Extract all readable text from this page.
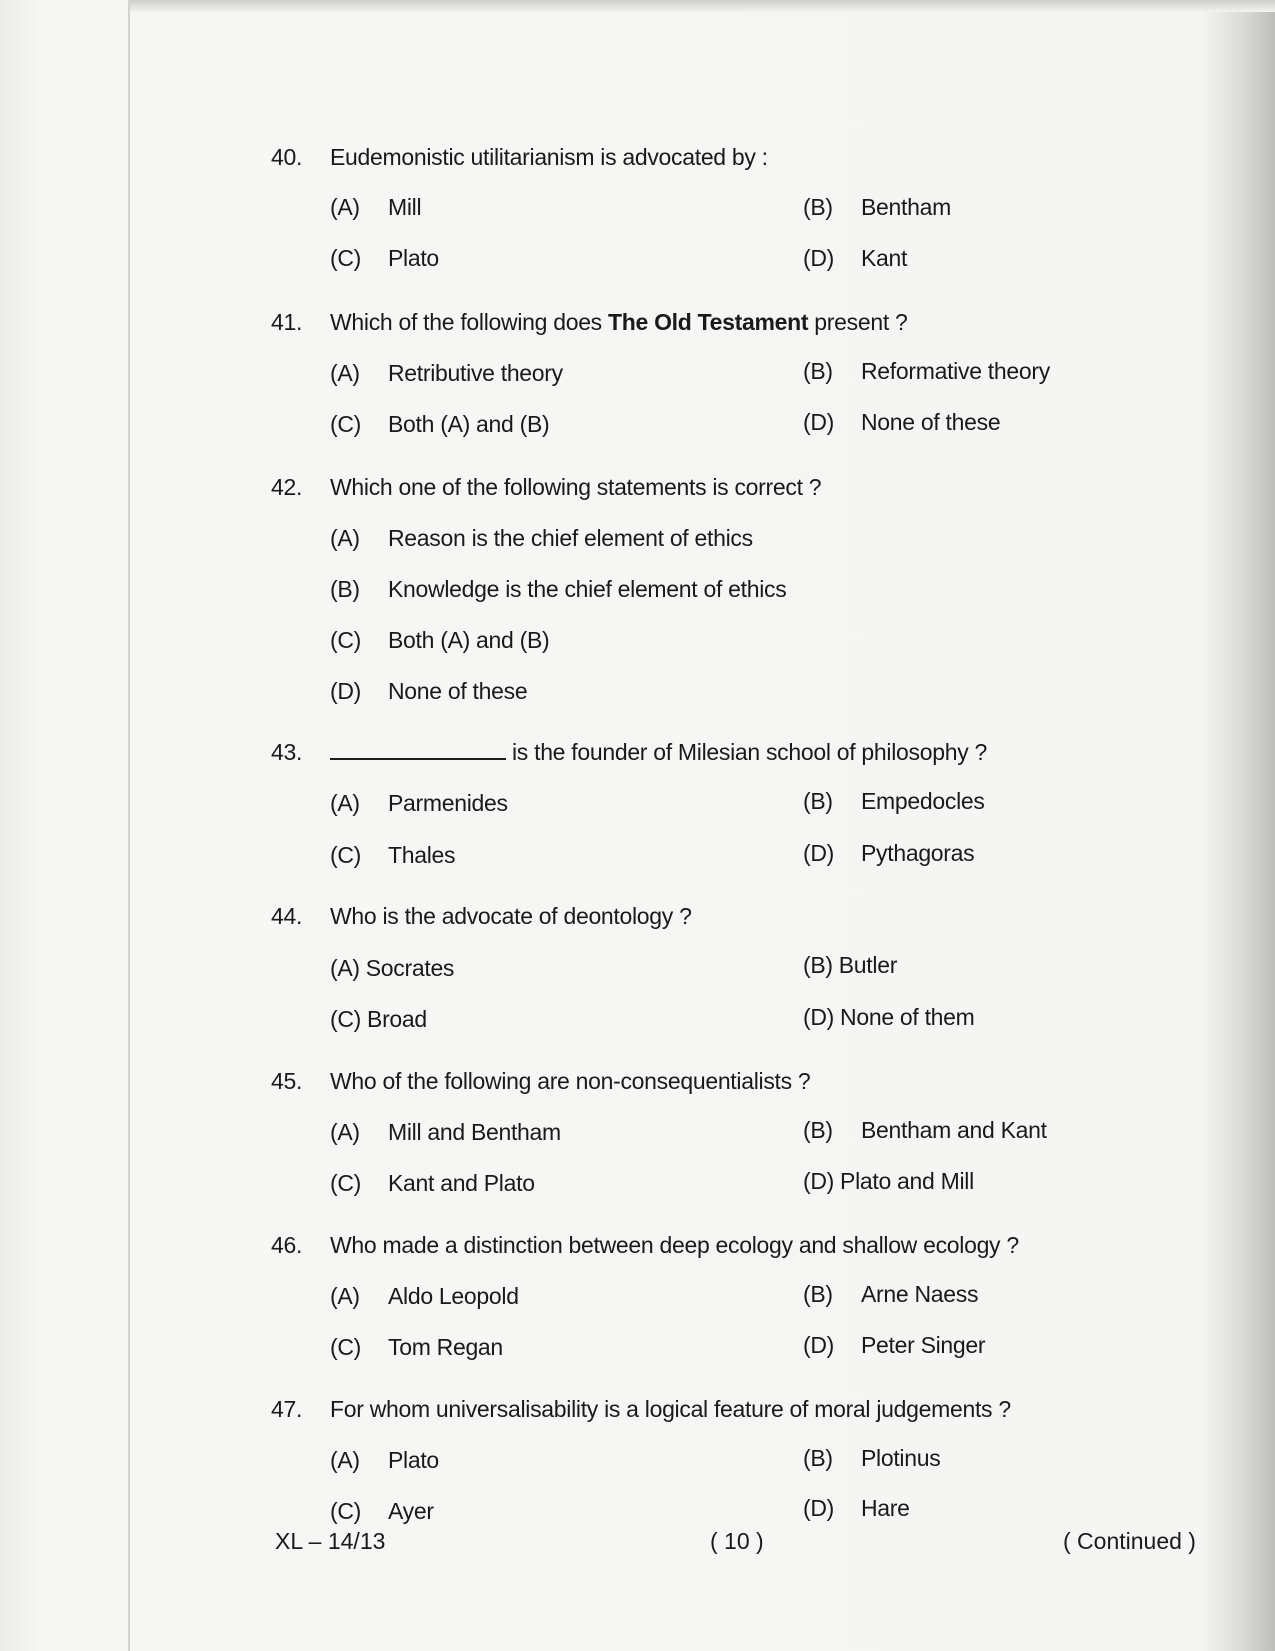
40. Eudemonistic utilitarianism is advocated by :
(A) Mill	(B) Bentham
(C) Plato	(D) Kant
41. Which of the following does The Old Testament present ?
(A) Retributive theory	(B) Reformative theory
(C) Both (A) and (B)	(D) None of these
42. Which one of the following statements is correct ?
(A) Reason is the chief element of ethics
(B) Knowledge is the chief element of ethics
(C) Both (A) and (B)
(D) None of these
43.	is the founder of Milesian school of philosophy ?
(A) Parmenides	(B) Empedocles
(C) Thales	(D) Pythagoras
44. Who is the advocate of deontology ?
(A) Socrates	(B) Butler
(C) Broad	(D) None of them
45. Who of the following are non-consequentialists ?
(A) Mill and Bentham	(B) Bentham and Kant
(C) Kant and Plato	(D) Plato and Mill
46. Who made a distinction between deep ecology and shallow ecology ?
(A) Aldo Leopold	(B) Arne Naess
(C) Tom Regan	(D) Peter Singer
47. For whom universalisability is a logical feature of moral judgements ?
(A) Plato	(B) Plotinus
(C) Ayer	(D) Hare
XL – 14/13	( 10 )	( Continued )
